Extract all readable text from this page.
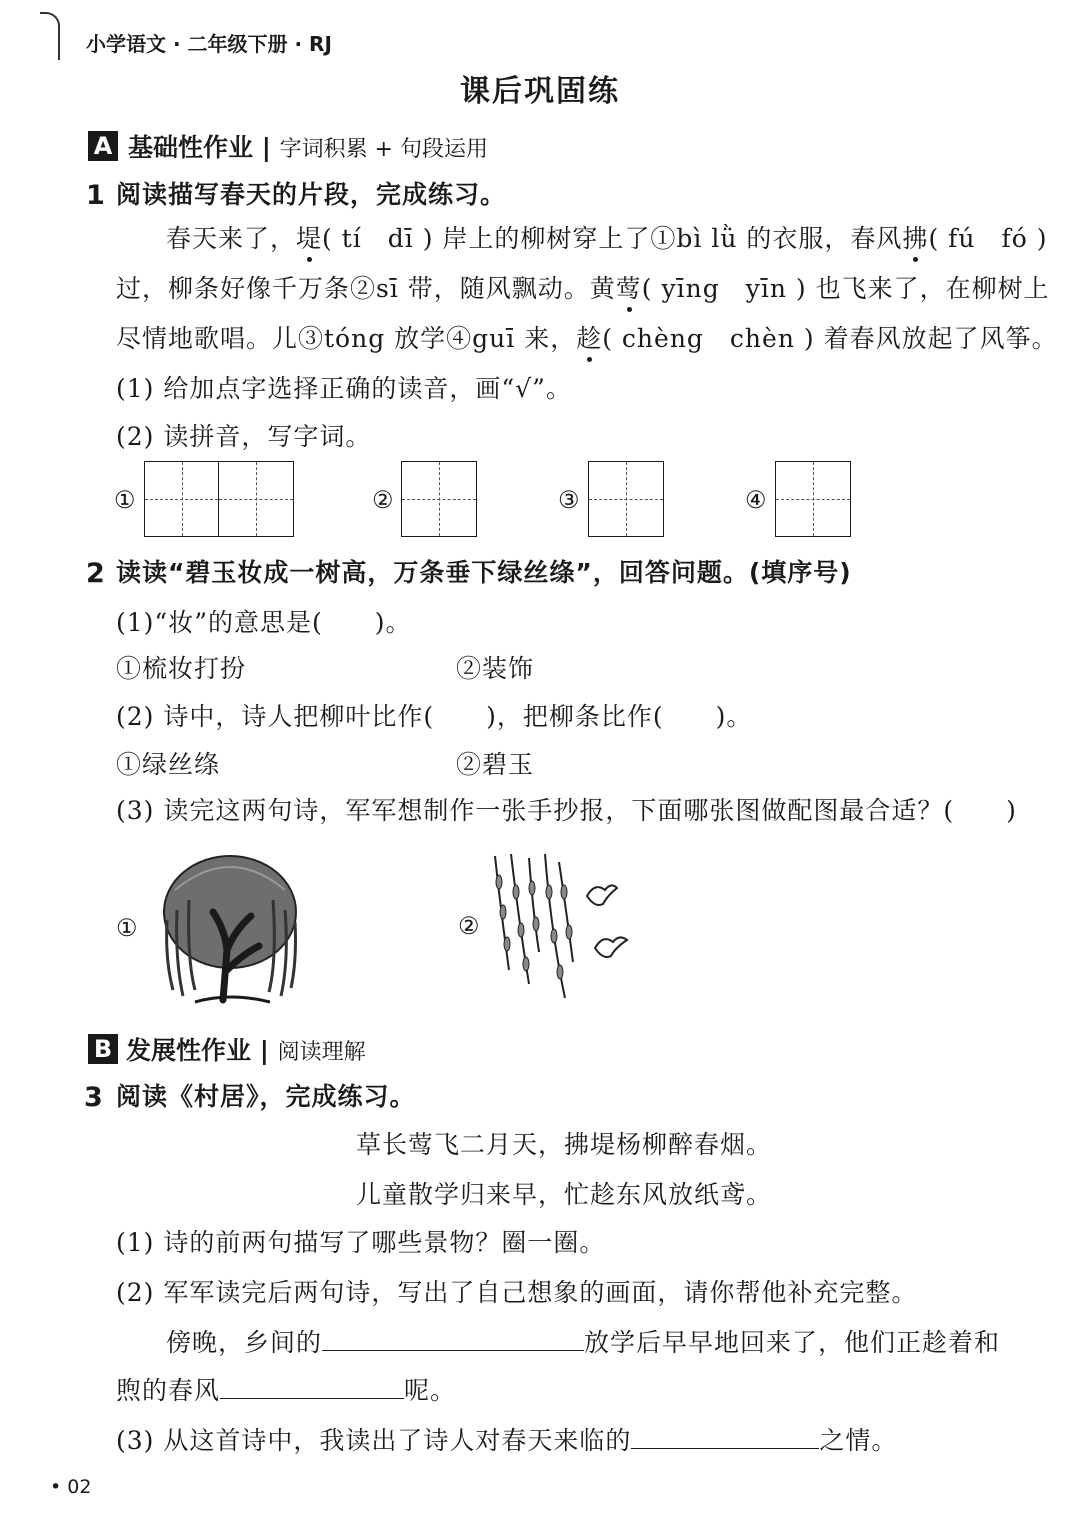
小学语文 · 二年级下册 · RJ
课后巩固练
A 基础性作业 | 字词积累 + 句段运用
1 阅读描写春天的片段，完成练习。
春天来了，堤( tí　dī ) 岸上的柳树穿上了①bì lǜ 的衣服，春风拂( fú　fó )
过，柳条好像千万条②sī 带，随风飘动。黄莺( yīng　yīn ) 也飞来了，在柳树上
尽情地歌唱。儿③tóng 放学④guī 来，趁( chèng　chèn ) 着春风放起了风筝。
(1) 给加点字选择正确的读音，画“√”。
(2) 读拼音，写字词。
①	②	③	④
2 读读“碧玉妆成一树高，万条垂下绿丝绦”，回答问题。(填序号)
(1)“妆”的意思是(　　)。
①梳妆打扮	②装饰
(2) 诗中，诗人把柳叶比作(　　)，把柳条比作(　　)。
①绿丝绦	②碧玉
(3) 读完这两句诗，军军想制作一张手抄报，下面哪张图做配图最合适？(　　)
①	②
B 发展性作业 | 阅读理解
3 阅读《村居》，完成练习。
草长莺飞二月天，拂堤杨柳醉春烟。
儿童散学归来早，忙趁东风放纸鸢。
(1) 诗的前两句描写了哪些景物？圈一圈。
(2) 军军读完后两句诗，写出了自己想象的画面，请你帮他补充完整。
傍晚，乡间的	放学后早早地回来了，他们正趁着和
煦的春风	呢。
(3) 从这首诗中，我读出了诗人对春天来临的	之情。
• 02
